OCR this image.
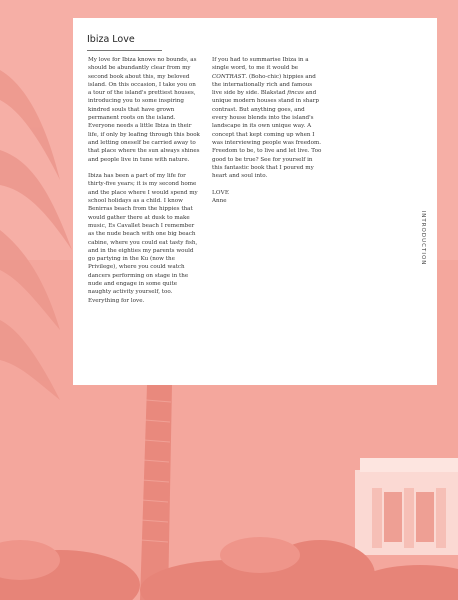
Ibiza Love

My love for Ibiza knows no bounds, as should be abundantly clear from my second book about this, my beloved island. On this occasion, I take you on a tour of the island's prettiest houses, introducing you to some inspiring kindred souls that have grown permanent roots on the island. Everyone needs a little Ibiza in their life, if only by leafing through this book and letting oneself be carried away to that place where the sun always shines and people live in tune with nature.

Ibiza has been a part of my life for thirty-five years; it is my second home and the place where I would spend my school holidays as a child. I know Benirras beach from the hippies that would gather there at dusk to make music, Es Cavallet beach I remember as the nude beach with one big beach cabine, where you could eat tasty fish, and in the eighties my parents would go partying in the Ku (now the Privilege), where you could watch dancers performing on stage in the nude and engage in some quite naughty activity yourself, too. Everything for love.

If you had to summarise Ibiza in a single word, to me it would be CONTRAST. (Boho-chic) hippies and the internationally rich and famous live side by side. Blakstad fincas and unique modern houses stand in sharp contrast. But anything goes, and every house blends into the island's landscape in its own unique way. A concept that kept coming up when I was interviewing people was freedom. Freedom to be, to live and let live. Too good to be true? See for yourself in this fantastic book that I poured my heart and soul into.

LOVE
Anne
INTRODUCTION
